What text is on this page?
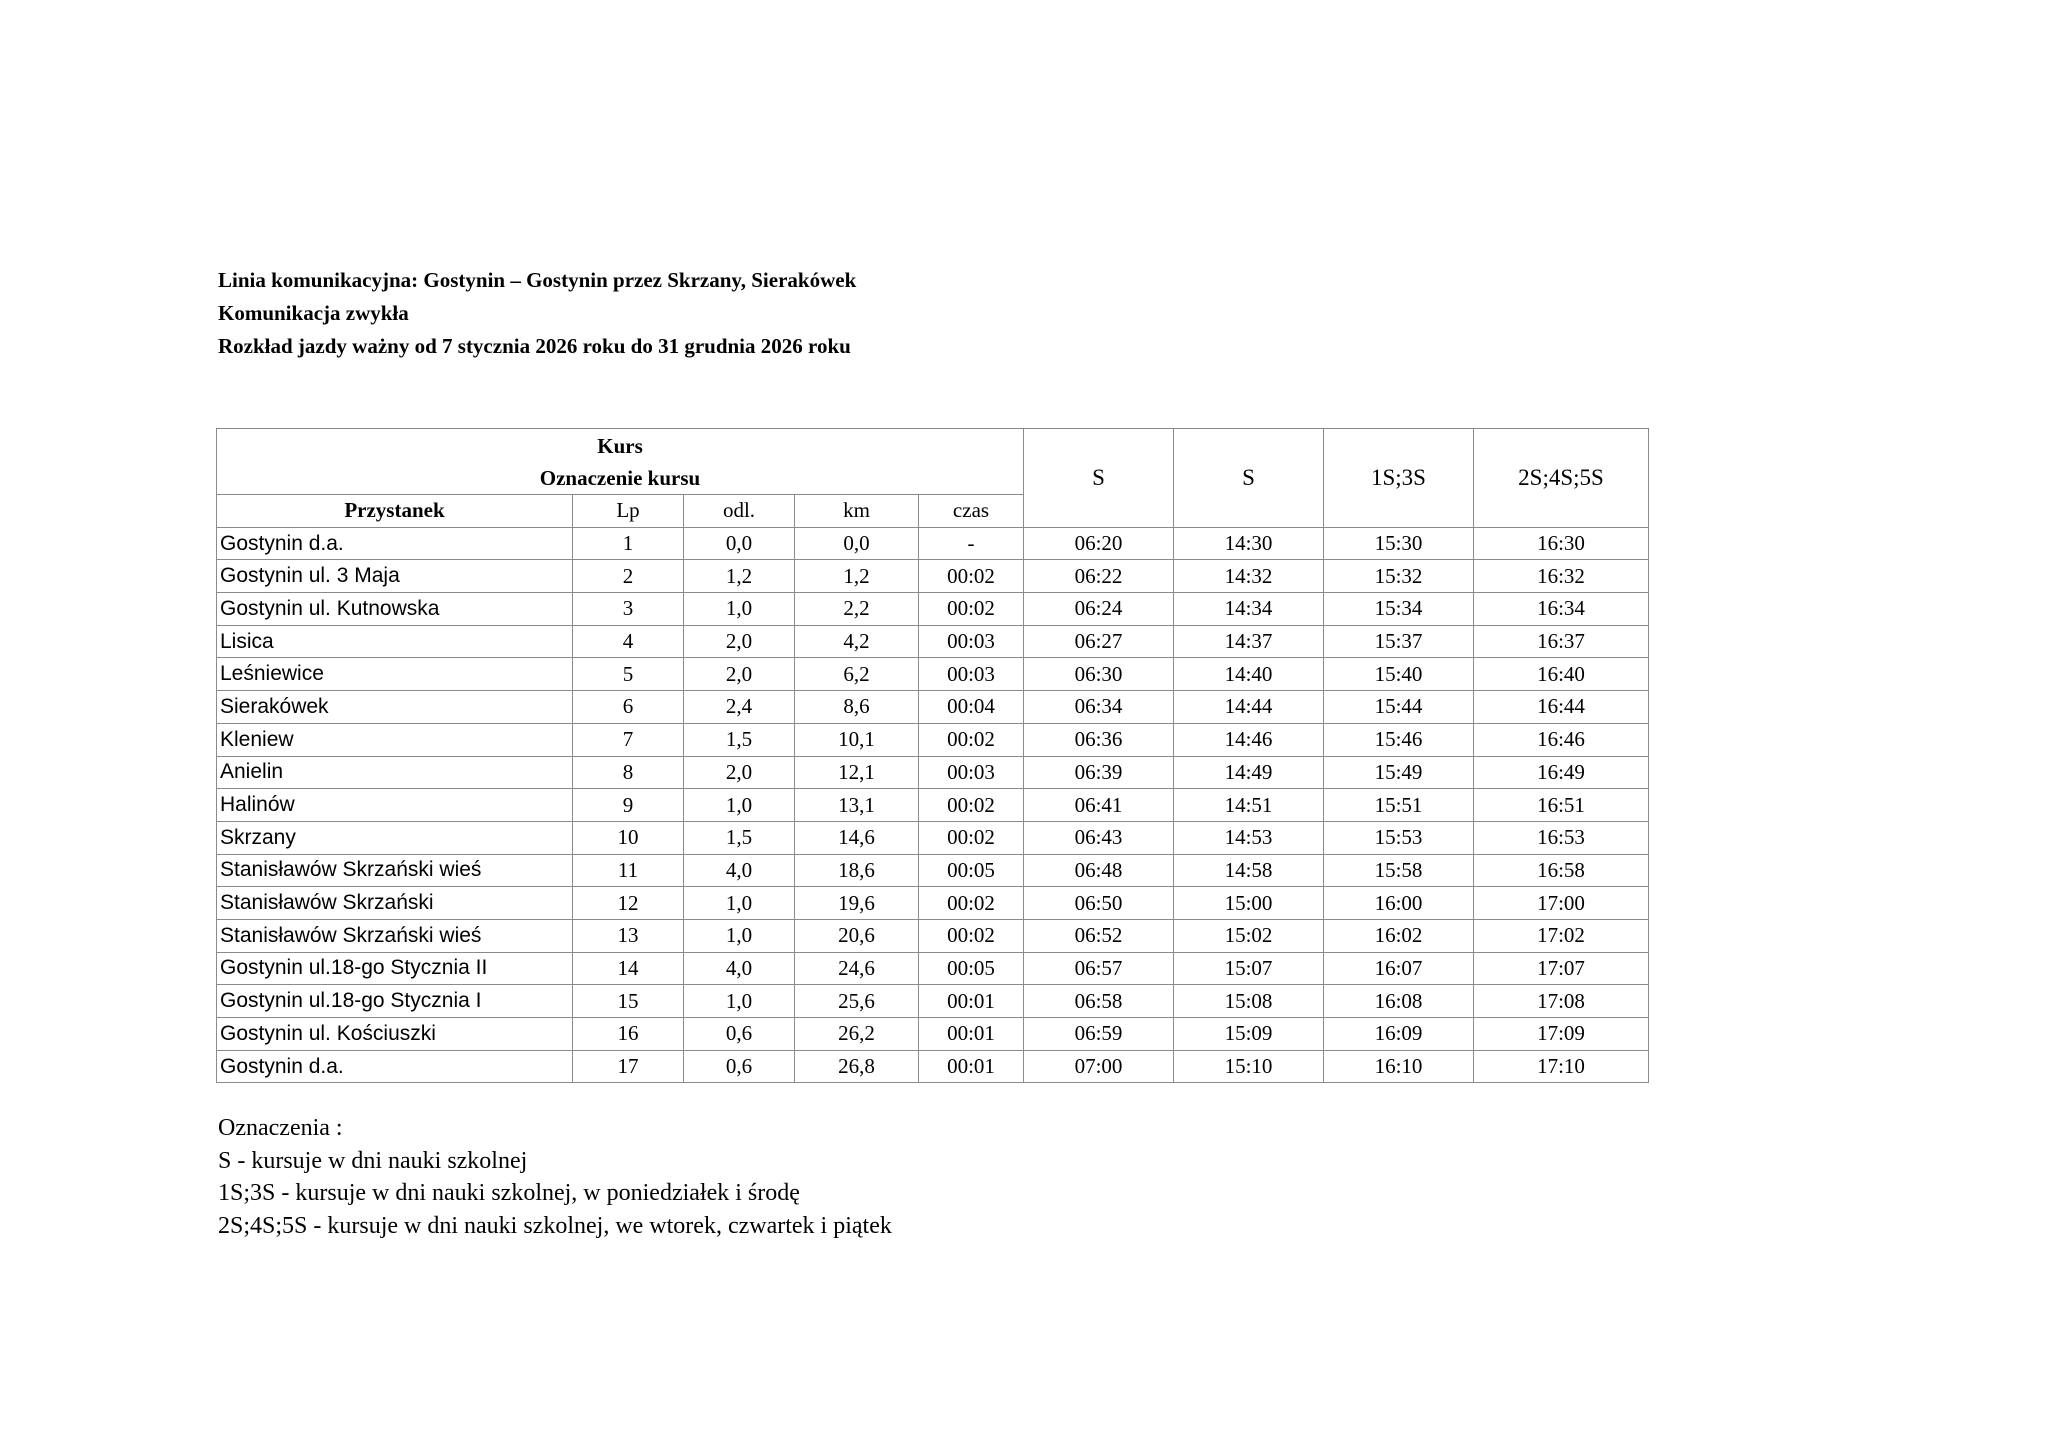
Linia komunikacyjna: Gostynin – Gostynin przez Skrzany, Sierakówek
Komunikacja zwykła
Rozkład jazdy ważny od 7 stycznia 2026 roku do 31 grudnia 2026 roku
Kurs
Oznaczenie kursu					S	S	1S;3S	2S;4S;5S
Przystanek	Lp	odl.	km	czas				
Gostynin d.a.	1	0,0	0,0	-	06:20	14:30	15:30	16:30
Gostynin ul. 3 Maja	2	1,2	1,2	00:02	06:22	14:32	15:32	16:32
Gostynin ul. Kutnowska	3	1,0	2,2	00:02	06:24	14:34	15:34	16:34
Lisica	4	2,0	4,2	00:03	06:27	14:37	15:37	16:37
Leśniewice	5	2,0	6,2	00:03	06:30	14:40	15:40	16:40
Sierakówek	6	2,4	8,6	00:04	06:34	14:44	15:44	16:44
Kleniew	7	1,5	10,1	00:02	06:36	14:46	15:46	16:46
Anielin	8	2,0	12,1	00:03	06:39	14:49	15:49	16:49
Halinów	9	1,0	13,1	00:02	06:41	14:51	15:51	16:51
Skrzany	10	1,5	14,6	00:02	06:43	14:53	15:53	16:53
Stanisławów Skrzański wieś	11	4,0	18,6	00:05	06:48	14:58	15:58	16:58
Stanisławów Skrzański	12	1,0	19,6	00:02	06:50	15:00	16:00	17:00
Stanisławów Skrzański wieś	13	1,0	20,6	00:02	06:52	15:02	16:02	17:02
Gostynin ul.18-go Stycznia II	14	4,0	24,6	00:05	06:57	15:07	16:07	17:07
Gostynin ul.18-go Stycznia I	15	1,0	25,6	00:01	06:58	15:08	16:08	17:08
Gostynin ul. Kościuszki	16	0,6	26,2	00:01	06:59	15:09	16:09	17:09
Gostynin d.a.	17	0,6	26,8	00:01	07:00	15:10	16:10	17:10
Oznaczenia :
S - kursuje w dni nauki szkolnej
1S;3S - kursuje w dni nauki szkolnej, w poniedziałek i środę
2S;4S;5S - kursuje w dni nauki szkolnej, we wtorek, czwartek i piątek
